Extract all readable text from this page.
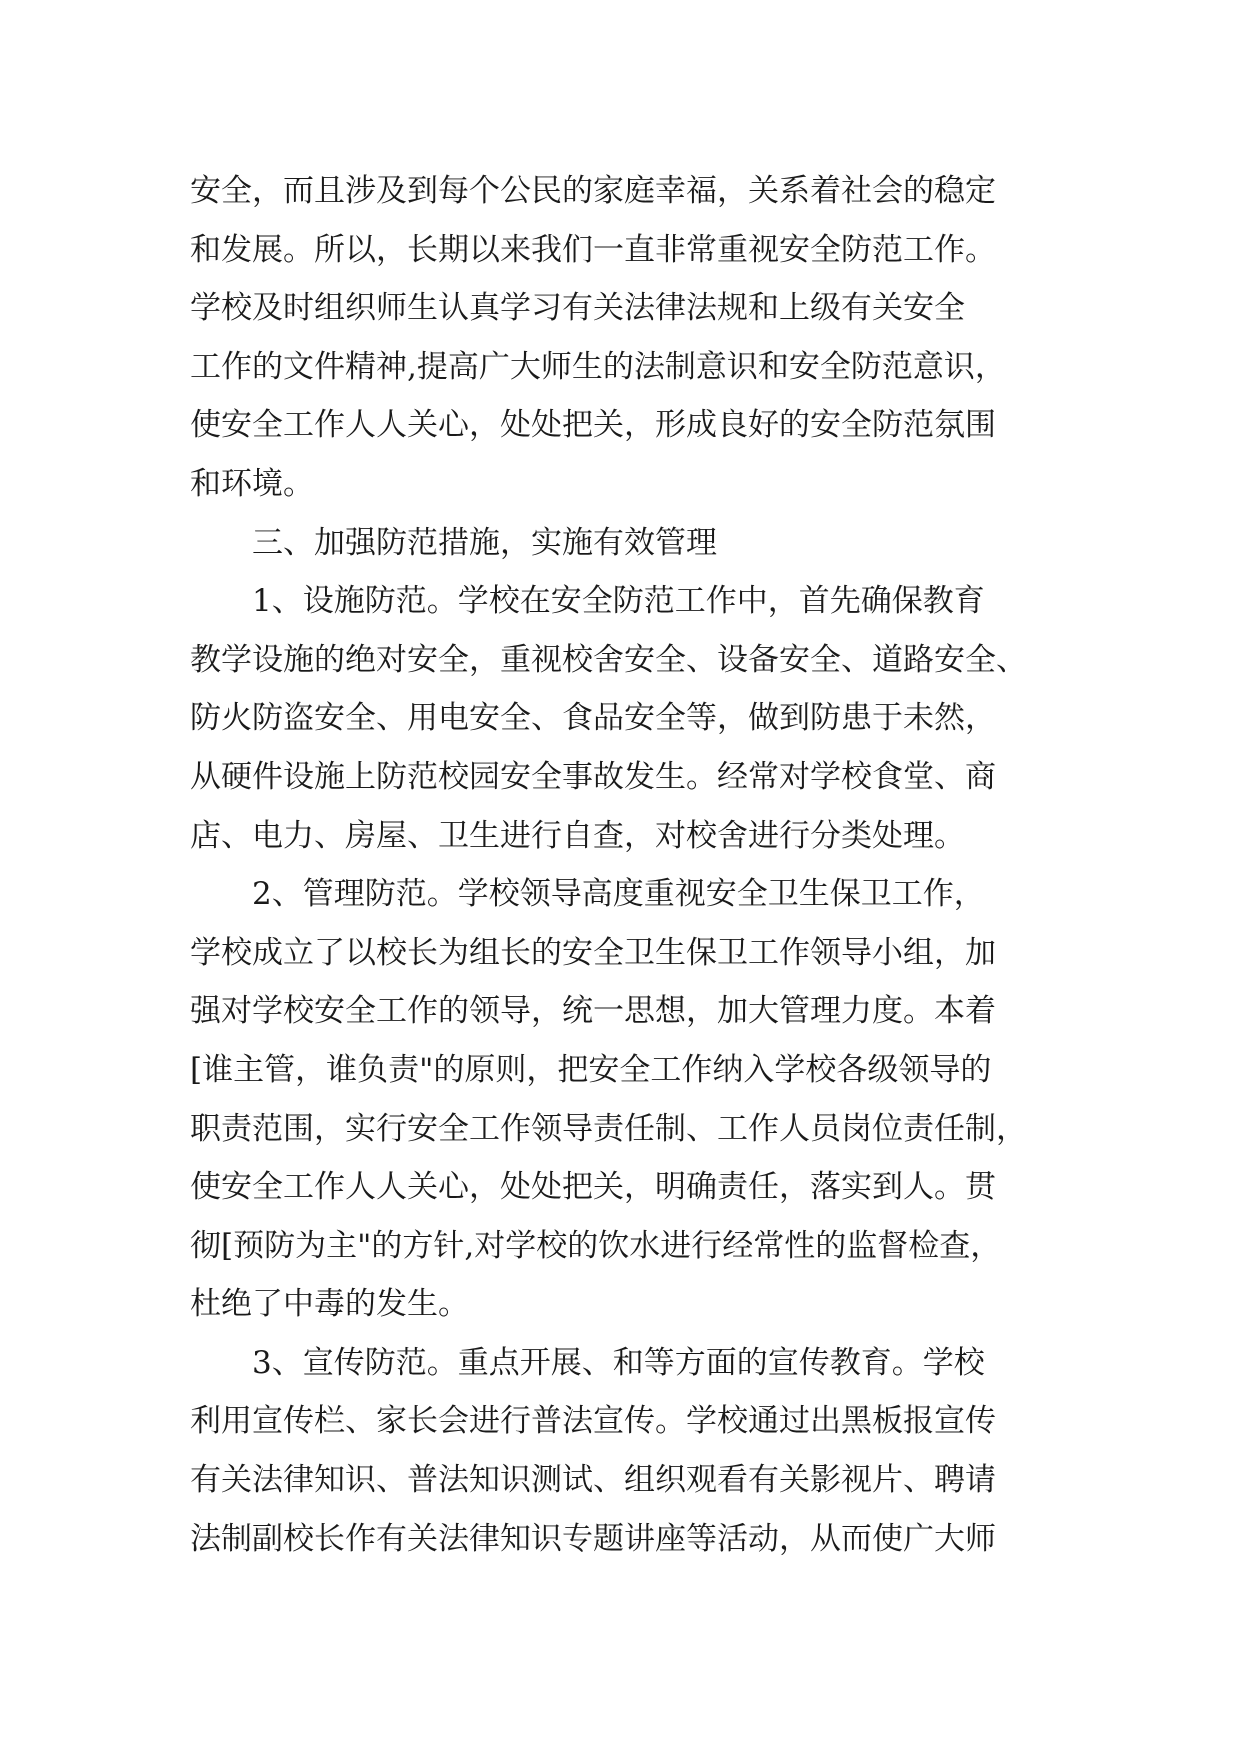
安全，而且涉及到每个公民的家庭幸福，关系着社会的稳定
和发展。所以，长期以来我们一直非常重视安全防范工作。
学校及时组织师生认真学习有关法律法规和上级有关安全
工作的文件精神,提高广大师生的法制意识和安全防范意识，
使安全工作人人关心，处处把关，形成良好的安全防范氛围
和环境。
三、加强防范措施，实施有效管理
1、设施防范。学校在安全防范工作中，首先确保教育
教学设施的绝对安全，重视校舍安全、设备安全、道路安全、
防火防盗安全、用电安全、食品安全等，做到防患于未然，
从硬件设施上防范校园安全事故发生。经常对学校食堂、商
店、电力、房屋、卫生进行自查，对校舍进行分类处理。
2、管理防范。学校领导高度重视安全卫生保卫工作，
学校成立了以校长为组长的安全卫生保卫工作领导小组，加
强对学校安全工作的领导，统一思想，加大管理力度。本着
[谁主管，谁负责"的原则，把安全工作纳入学校各级领导的
职责范围，实行安全工作领导责任制、工作人员岗位责任制，
使安全工作人人关心，处处把关，明确责任，落实到人。贯
彻[预防为主"的方针,对学校的饮水进行经常性的监督检查，
杜绝了中毒的发生。
3、宣传防范。重点开展、和等方面的宣传教育。学校
利用宣传栏、家长会进行普法宣传。学校通过出黑板报宣传
有关法律知识、普法知识测试、组织观看有关影视片、聘请
法制副校长作有关法律知识专题讲座等活动，从而使广大师
